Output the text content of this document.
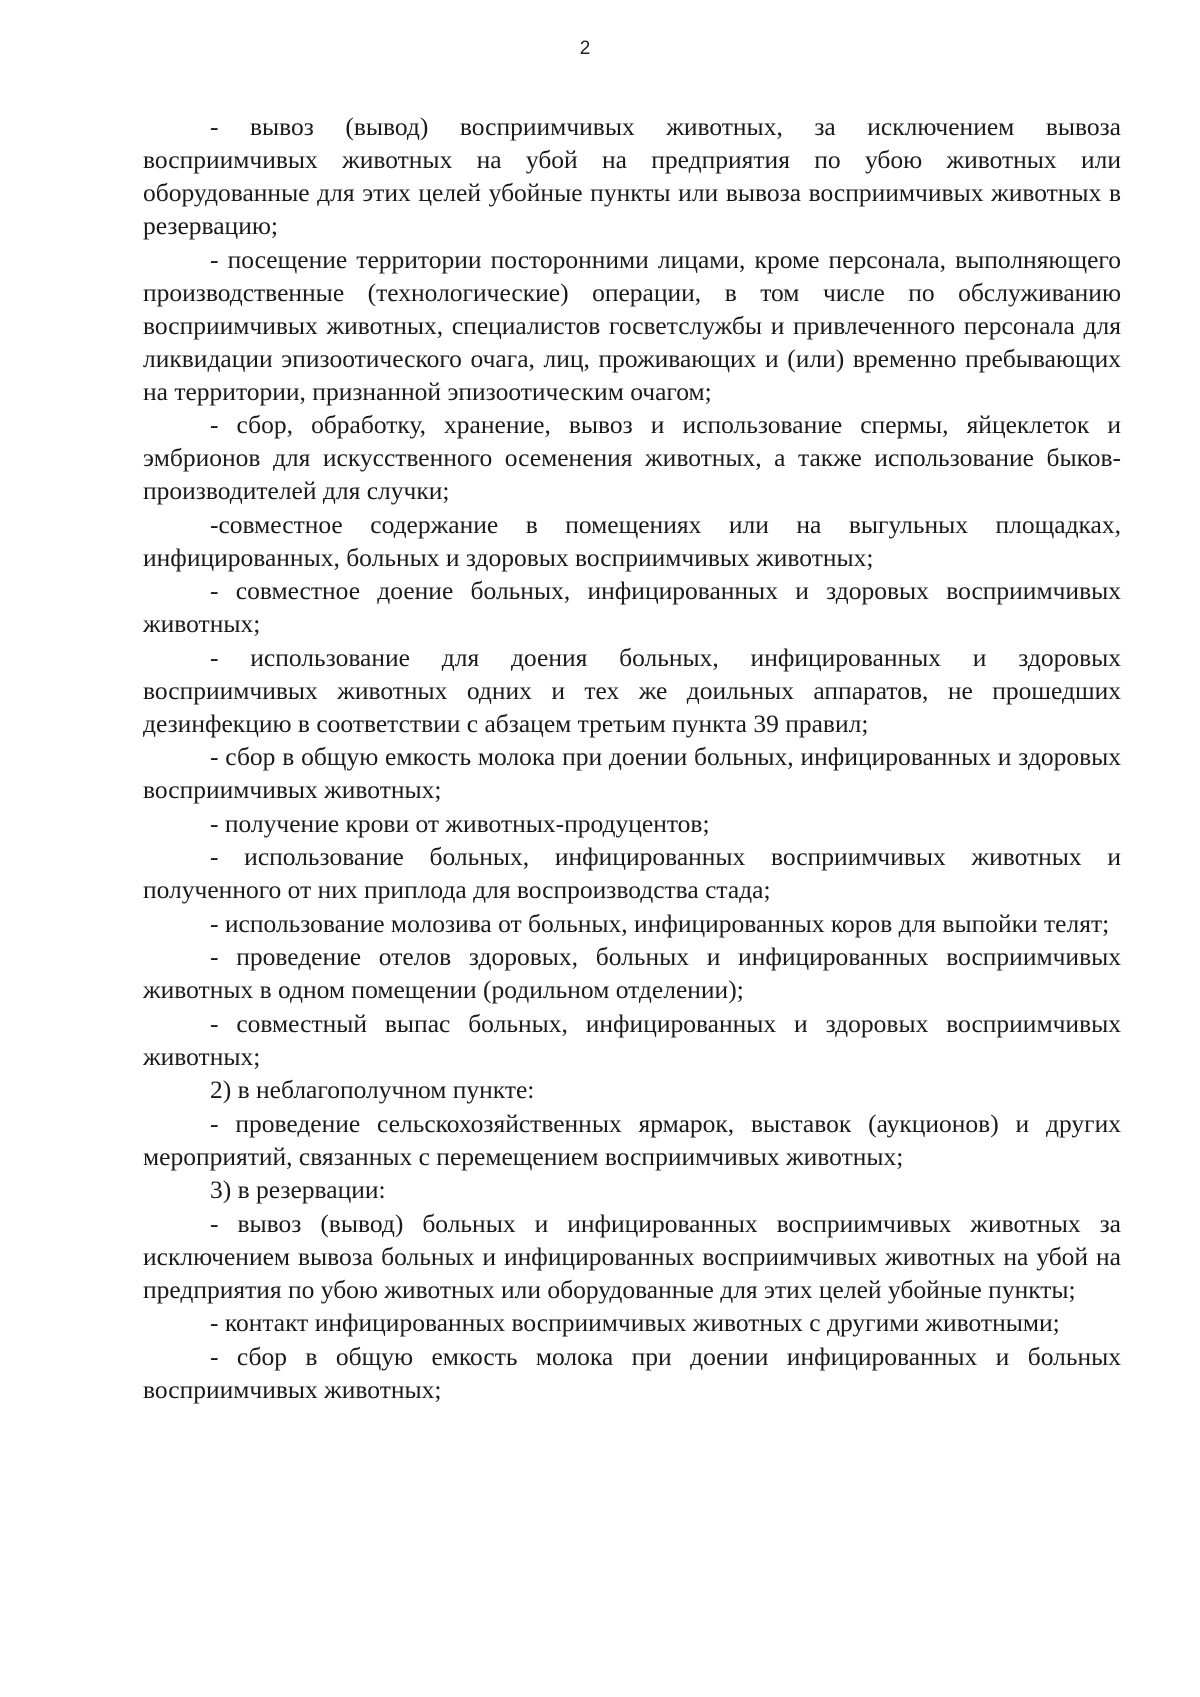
2

- вывоз (вывод) восприимчивых животных, за исключением вывоза восприимчивых животных на убой на предприятия по убою животных или оборудованные для этих целей убойные пункты или вывоза восприимчивых животных в резервацию;

- посещение территории посторонними лицами, кроме персонала, выполняющего производственные (технологические) операции, в том числе по обслуживанию восприимчивых животных, специалистов госветслужбы и привлеченного персонала для ликвидации эпизоотического очага, лиц, проживающих и (или) временно пребывающих на территории, признанной эпизоотическим очагом;

- сбор, обработку, хранение, вывоз и использование спермы, яйцеклеток и эмбрионов для искусственного осеменения животных, а также использование быков-производителей для случки;

-совместное содержание в помещениях или на выгульных площадках, инфицированных, больных и здоровых восприимчивых животных;

- совместное доение больных, инфицированных и здоровых восприимчивых животных;

- использование для доения больных, инфицированных и здоровых восприимчивых животных одних и тех же доильных аппаратов, не прошедших дезинфекцию в соответствии с абзацем третьим пункта 39 правил;

- сбор в общую емкость молока при доении больных, инфицированных и здоровых восприимчивых животных;

- получение крови от животных-продуцентов;

- использование больных, инфицированных восприимчивых животных и полученного от них приплода для воспроизводства стада;

- использование молозива от больных, инфицированных коров для выпойки телят;

- проведение отелов здоровых, больных и инфицированных восприимчивых животных в одном помещении (родильном отделении);

- совместный выпас больных, инфицированных и здоровых восприимчивых животных;

2) в неблагополучном пункте:

- проведение сельскохозяйственных ярмарок, выставок (аукционов) и других мероприятий, связанных с перемещением восприимчивых животных;

3) в резервации:

- вывоз (вывод) больных и инфицированных восприимчивых животных за исключением вывоза больных и инфицированных восприимчивых животных на убой на предприятия по убою животных или оборудованные для этих целей убойные пункты;

- контакт инфицированных восприимчивых животных с другими животными;

- сбор в общую емкость молока при доении инфицированных и больных восприимчивых животных;
